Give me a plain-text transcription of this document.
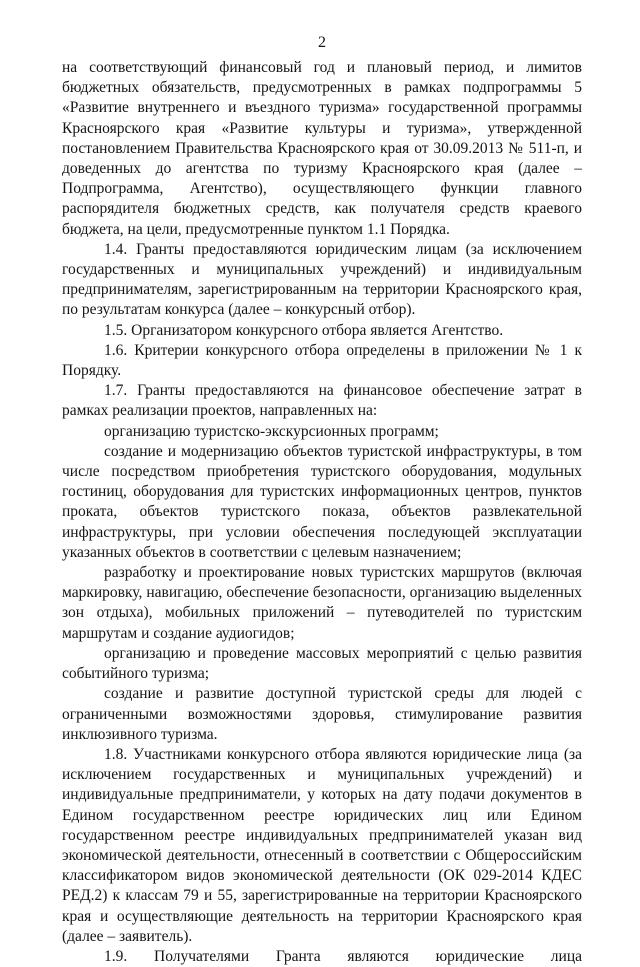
2

на соответствующий финансовый год и плановый период, и лимитов бюджетных обязательств, предусмотренных в рамках подпрограммы 5 «Развитие внутреннего и въездного туризма» государственной программы Красноярского края «Развитие культуры и туризма», утвержденной постановлением Правительства Красноярского края от 30.09.2013 № 511-п, и доведенных до агентства по туризму Красноярского края (далее – Подпрограмма, Агентство), осуществляющего функции главного распорядителя бюджетных средств, как получателя средств краевого бюджета, на цели, предусмотренные пунктом 1.1 Порядка.

1.4. Гранты предоставляются юридическим лицам (за исключением государственных и муниципальных учреждений) и индивидуальным предпринимателям, зарегистрированным на территории Красноярского края, по результатам конкурса (далее – конкурсный отбор).

1.5. Организатором конкурсного отбора является Агентство.

1.6. Критерии конкурсного отбора определены в приложении № 1 к Порядку.

1.7. Гранты предоставляются на финансовое обеспечение затрат в рамках реализации проектов, направленных на:

организацию туристско-экскурсионных программ;

создание и модернизацию объектов туристской инфраструктуры, в том числе посредством приобретения туристского оборудования, модульных гостиниц, оборудования для туристских информационных центров, пунктов проката, объектов туристского показа, объектов развлекательной инфраструктуры, при условии обеспечения последующей эксплуатации указанных объектов в соответствии с целевым назначением;

разработку и проектирование новых туристских маршрутов (включая маркировку, навигацию, обеспечение безопасности, организацию выделенных зон отдыха), мобильных приложений – путеводителей по туристским маршрутам и создание аудиогидов;

организацию и проведение массовых мероприятий с целью развития событийного туризма;

создание и развитие доступной туристской среды для людей с ограниченными возможностями здоровья, стимулирование развития инклюзивного туризма.

1.8. Участниками конкурсного отбора являются юридические лица (за исключением государственных и муниципальных учреждений) и индивидуальные предприниматели, у которых на дату подачи документов в Едином государственном реестре юридических лиц или Едином государственном реестре индивидуальных предпринимателей указан вид экономической деятельности, отнесенный в соответствии с Общероссийским классификатором видов экономической деятельности (ОК 029-2014 КДЕС РЕД.2) к классам 79 и 55, зарегистрированные на территории Красноярского края и осуществляющие деятельность на территории Красноярского края (далее – заявитель).

1.9. Получателями Гранта являются юридические лица
